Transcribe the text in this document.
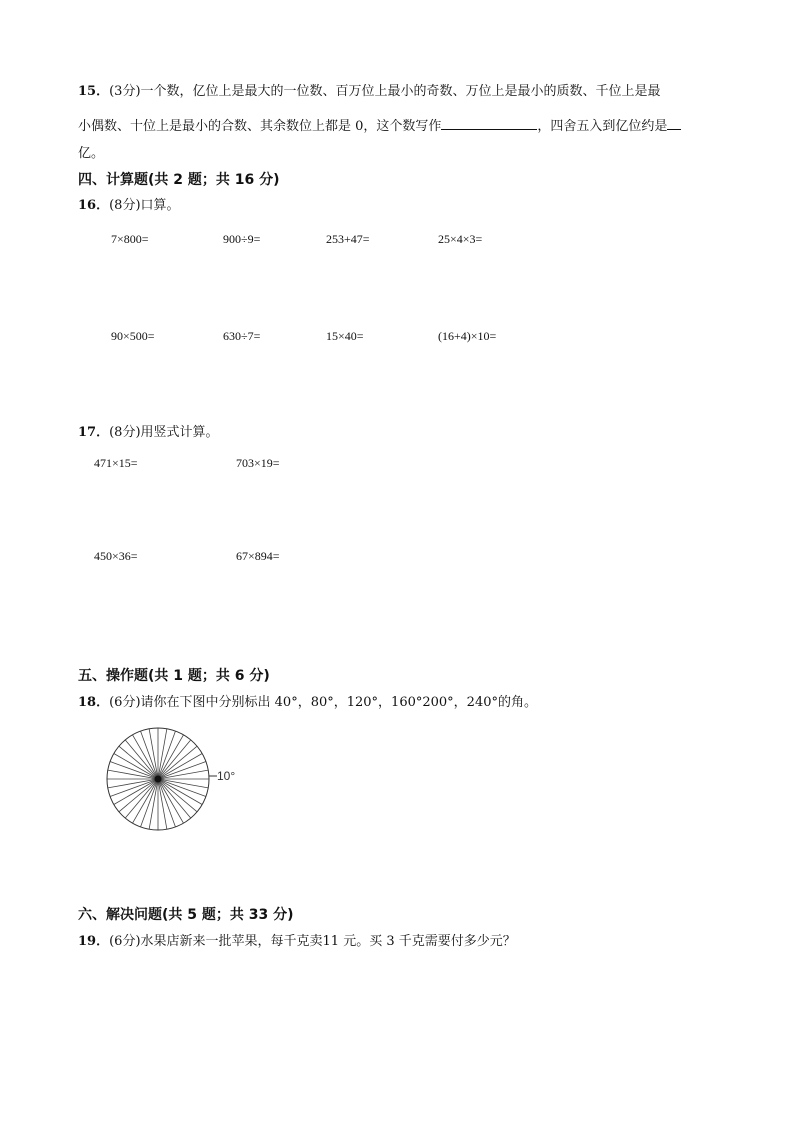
15．(3分)一个数，亿位上是最大的一位数、百万位上最小的奇数、万位上是最小的质数、千位上是最
小偶数、十位上是最小的合数、其余数位上都是 0，这个数写作	，四舍五入到亿位约是
亿。
四、计算题(共 2 题；共 16 分)
16．(8分)口算。
7×800=	900÷9=	253+47=	25×4×3=
90×500=	630÷7=	15×40=	(16+4)×10=
17．(8分)用竖式计算。
471×15=	703×19=
450×36=	67×894=
五、操作题(共 1 题；共 6 分)
18．(6分)请你在下图中分别标出 40°，80°，120°，160°200°，240°的角。
10°
六、解决问题(共 5 题；共 33 分)
19．(6分)水果店新来一批苹果，每千克卖11 元。买 3 千克需要付多少元？
